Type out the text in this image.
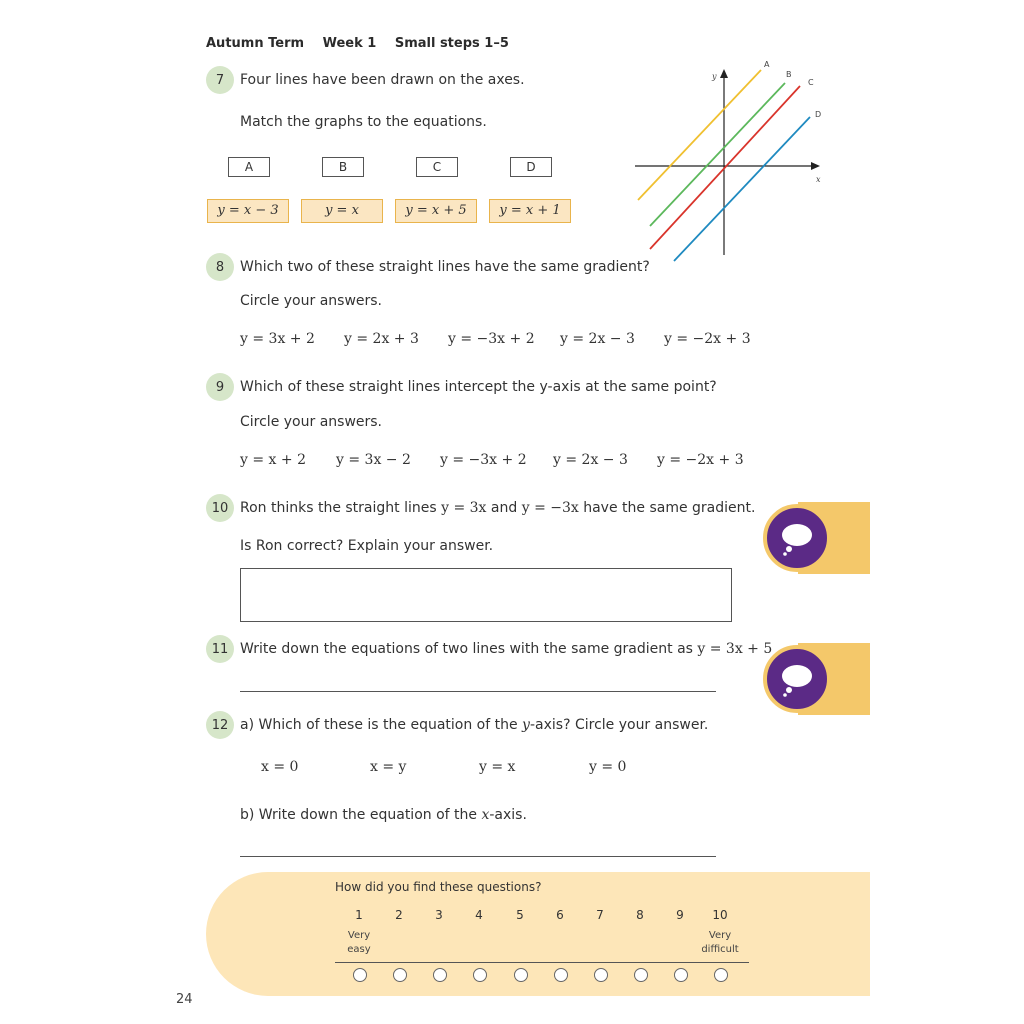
Autumn Term Week 1 Small steps 1–5
7	Four lines have been drawn on the axes.
Match the graphs to the equations.
A	B	C	D
y = x − 3	y = x	y = x + 5	y = x + 1
x
y
A
B
C
D
8	Which two of these straight lines have the same gradient?
Circle your answers.
y = 3x + 2 y = 2x + 3 y = −3x + 2 y = 2x − 3 y = −2x + 3
9	Which of these straight lines intercept the y-axis at the same point?
Circle your answers.
y = x + 2 y = 3x − 2 y = −3x + 2 y = 2x − 3 y = −2x + 3
10 Ron thinks the straight lines y = 3x and y = −3x have the same gradient.
Is Ron correct? Explain your answer.
11 Write down the equations of two lines with the same gradient as y = 3x + 5
12 a) Which of these is the equation of the y-axis? Circle your answer.
x = 0	x = y	y = x	y = 0
b) Write down the equation of the x-axis.
How did you find these questions?
1	2	3	4	5	6	7	8	9	10
Very
easy
Very
difficult
24
